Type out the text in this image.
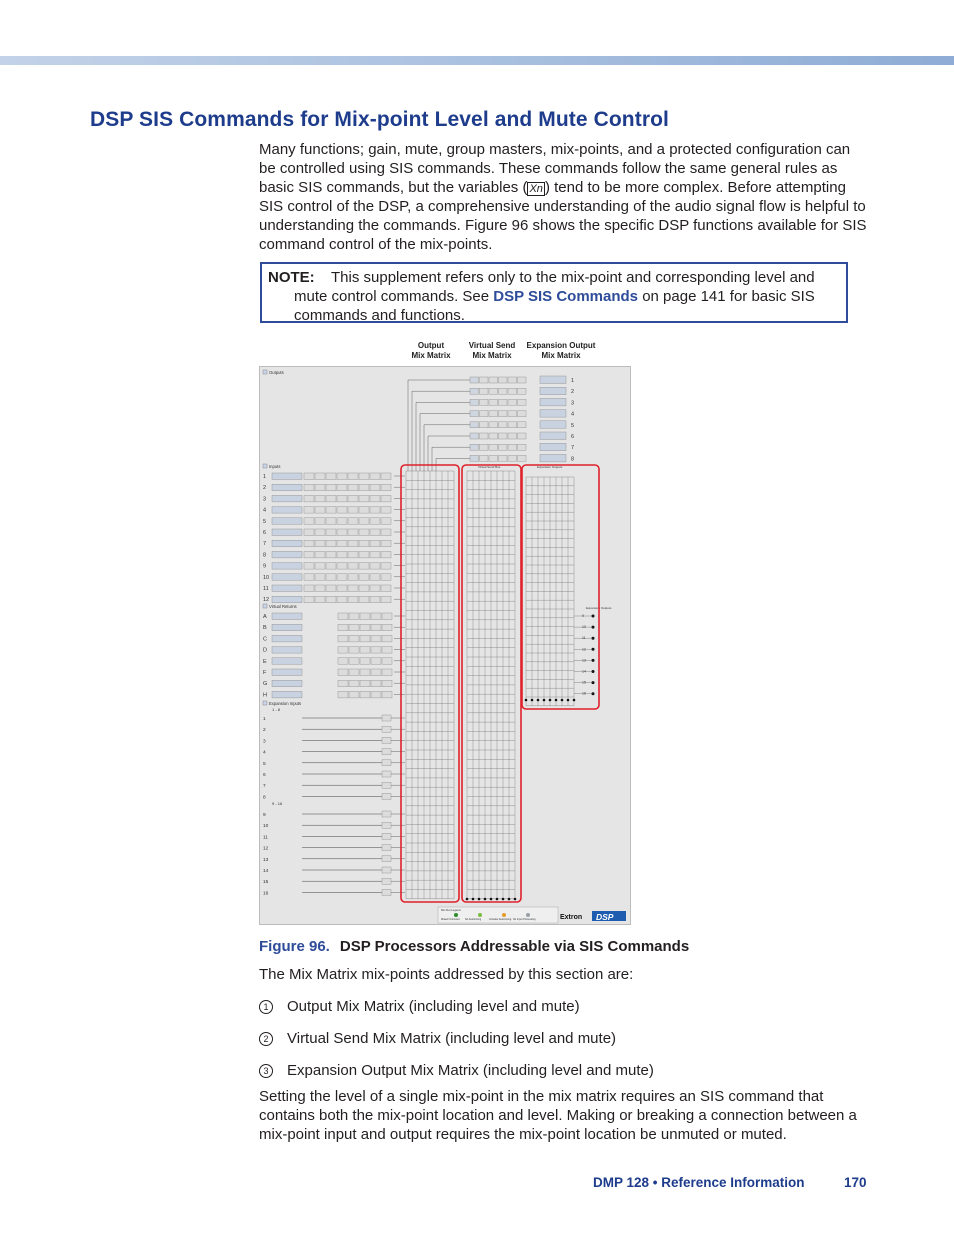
DSP SIS Commands for Mix-point Level and Mute Control
Many functions; gain, mute, group masters, mix-points, and a protected configuration can be controlled using SIS commands. These commands follow the same general rules as basic SIS commands, but the variables ( Xn ) tend to be more complex. Before attempting SIS control of the DSP, a comprehensive understanding of the audio signal flow is helpful to understanding the commands. Figure 96 shows the specific DSP functions available for SIS command control of the mix-points.
NOTE:	This supplement refers only to the mix-point and corresponding level and mute control commands. See DSP SIS Commands on page 141 for basic SIS commands and functions.
Output
Mix Matrix
Virtual Send
Mix Matrix
Expansion Output
Mix Matrix
Outputs
Inputs
Virtual Returns
Expansion Inputs
1 - 8
9 - 16
1
2
3
4
5
6
7
8
1
2
3
4
5
6
7
8
9
10
11
12
A
B
C
D
E
F
G
H
1
2
3
4
5
6
7
8
9
10
11
12
13
14
15
16
Virtual Send Bus	Expansion Outputs
Expansion Outputs
9
10
11
12
13
14
15
16
Mix Dot Legend
Muted/ Unmuted No Automixing	Includes Automixing No Input Processing	Extron DSP
Figure 96. DSP Processors Addressable via SIS Commands
The Mix Matrix mix-points addressed by this section are:
1 Output Mix Matrix (including level and mute)
2 Virtual Send Mix Matrix (including level and mute)
3 Expansion Output Mix Matrix (including level and mute)
Setting the level of a single mix-point in the mix matrix requires an SIS command that contains both the mix-point location and level. Making or breaking a connection between a mix-point input and output requires the mix-point location be unmuted or muted.
DMP 128 • Reference Information	170
